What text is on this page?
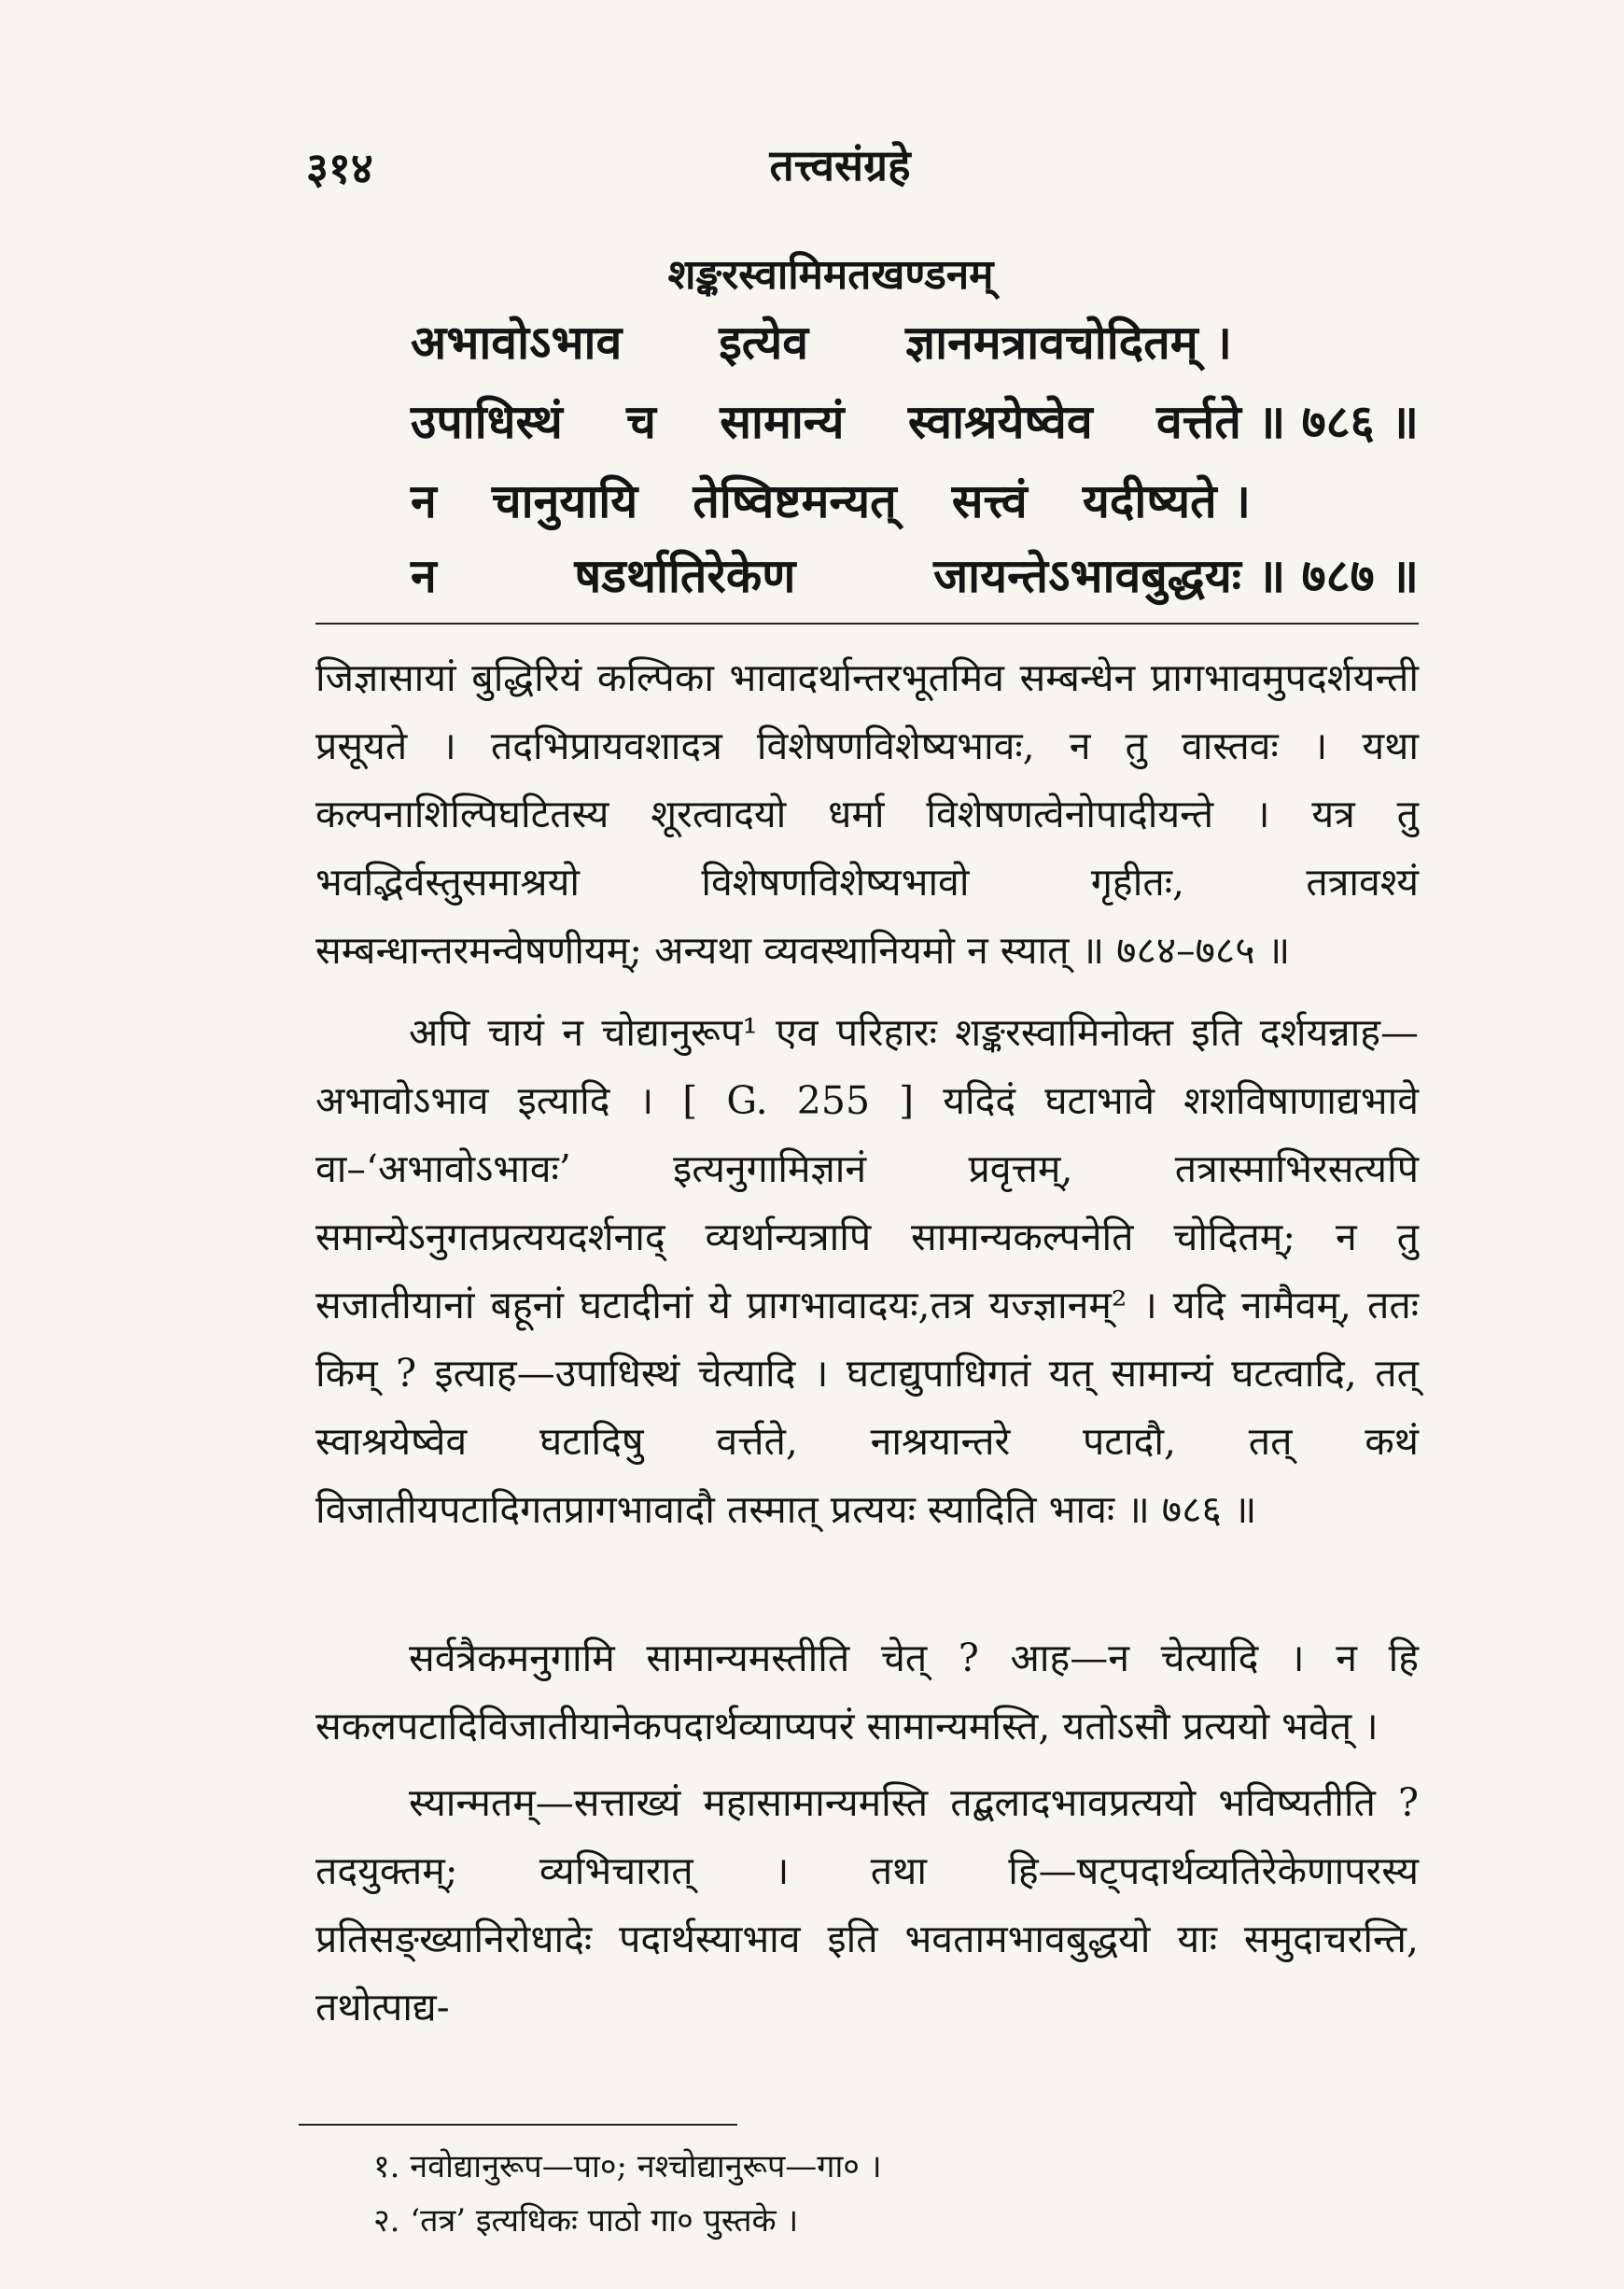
३१४	तत्त्वसंग्रहे
शङ्करस्वामिमतखण्डनम्
अभावोऽभाव इत्येव ज्ञानमत्रावचोदितम् ।
उपाधिस्थं च सामान्यं स्वाश्रयेष्वेव वर्त्तते ॥ ७८६ ॥
न चानुयायि तेष्विष्टमन्यत् सत्त्वं यदीष्यते ।
न	षडर्थातिरेकेण	जायन्तेऽभावबुद्धयः ॥ ७८७ ॥
जिज्ञासायां बुद्धिरियं कल्पिका भावादर्थान्तरभूतमिव सम्बन्धेन प्रागभावमुपदर्शयन्ती प्रसूयते । तदभिप्रायवशादत्र विशेषणविशेष्यभावः, न तु वास्तवः । यथा कल्पनाशिल्पिघटितस्य शूरत्वादयो धर्मा विशेषणत्वेनोपादीयन्ते । यत्र तु भवद्भिर्वस्तुसमाश्रयो विशेषणविशेष्यभावो गृहीतः, तत्रावश्यं सम्बन्धान्तरमन्वेषणीयम्; अन्यथा व्यवस्थानियमो न स्यात् ॥ ७८४–७८५ ॥
अपि चायं न चोद्यानुरूप¹ एव परिहारः शङ्करस्वामिनोक्त इति दर्शयन्नाह—अभावोऽभाव इत्यादि । [ G. 255 ] यदिदं घटाभावे शशविषाणाद्यभावे वा–‘अभावोऽभावः’ इत्यनुगामिज्ञानं प्रवृत्तम्, तत्रास्माभिरसत्यपि समान्येऽनुगतप्रत्ययदर्शनाद् व्यर्थान्यत्रापि सामान्यकल्पनेति चोदितम्; न तु सजातीयानां बहूनां घटादीनां ये प्रागभावादयः,तत्र यज्ज्ञानम्² । यदि नामैवम्, ततः किम् ? इत्याह—उपाधिस्थं चेत्यादि । घटाद्युपाधिगतं यत् सामान्यं घटत्वादि, तत् स्वाश्रयेष्वेव घटादिषु वर्त्तते, नाश्रयान्तरे पटादौ, तत् कथं विजातीयपटादिगतप्रागभावादौ तस्मात् प्रत्ययः स्यादिति भावः ॥ ७८६ ॥
सर्वत्रैकमनुगामि सामान्यमस्तीति चेत् ? आह—न चेत्यादि । न हि सकलपटादिविजातीयानेकपदार्थव्याप्यपरं सामान्यमस्ति, यतोऽसौ प्रत्ययो भवेत् ।
स्यान्मतम्—सत्ताख्यं महासामान्यमस्ति तद्बलादभावप्रत्ययो भविष्यतीति ? तदयुक्तम्; व्यभिचारात् । तथा हि—षट्पदार्थव्यतिरेकेणापरस्य प्रतिसङ्ख्यानिरोधादेः पदार्थस्याभाव इति भवतामभावबुद्धयो याः समुदाचरन्ति, तथोत्पाद्य-
१. नवोद्यानुरूप—पा०; नश्चोद्यानुरूप—गा० ।
२. ‘तत्र’ इत्यधिकः पाठो गा० पुस्तके ।
